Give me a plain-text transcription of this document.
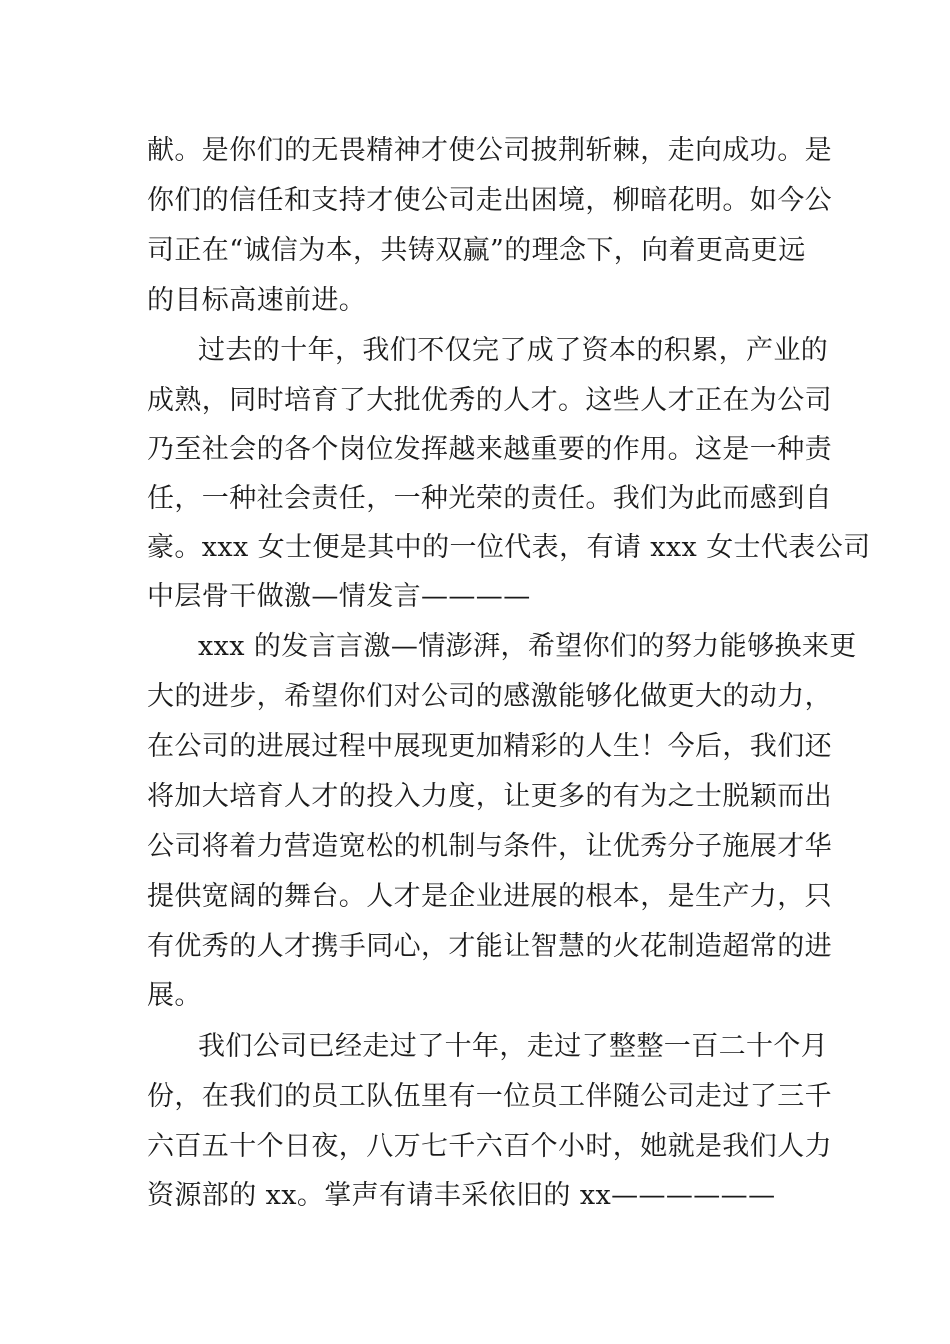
献。是你们的无畏精神才使公司披荆斩棘，走向成功。是
你们的信任和支持才使公司走出困境，柳暗花明。如今公
司正在“诚信为本，共铸双赢”的理念下，向着更高更远
的目标高速前进。
过去的十年，我们不仅完了成了资本的积累，产业的
成熟，同时培育了大批优秀的人才。这些人才正在为公司
乃至社会的各个岗位发挥越来越重要的作用。这是一种责
任，一种社会责任，一种光荣的责任。我们为此而感到自
豪。xxx 女士便是其中的一位代表，有请 xxx 女士代表公司
中层骨干做激—情发言————
xxx 的发言言激—情澎湃，希望你们的努力能够换来更
大的进步，希望你们对公司的感激能够化做更大的动力，
在公司的进展过程中展现更加精彩的人生！今后，我们还
将加大培育人才的投入力度，让更多的有为之士脱颖而出
公司将着力营造宽松的机制与条件，让优秀分子施展才华
提供宽阔的舞台。人才是企业进展的根本，是生产力，只
有优秀的人才携手同心，才能让智慧的火花制造超常的进
展。
我们公司已经走过了十年，走过了整整一百二十个月
份，在我们的员工队伍里有一位员工伴随公司走过了三千
六百五十个日夜，八万七千六百个小时，她就是我们人力
资源部的 xx。掌声有请丰采依旧的 xx——————
